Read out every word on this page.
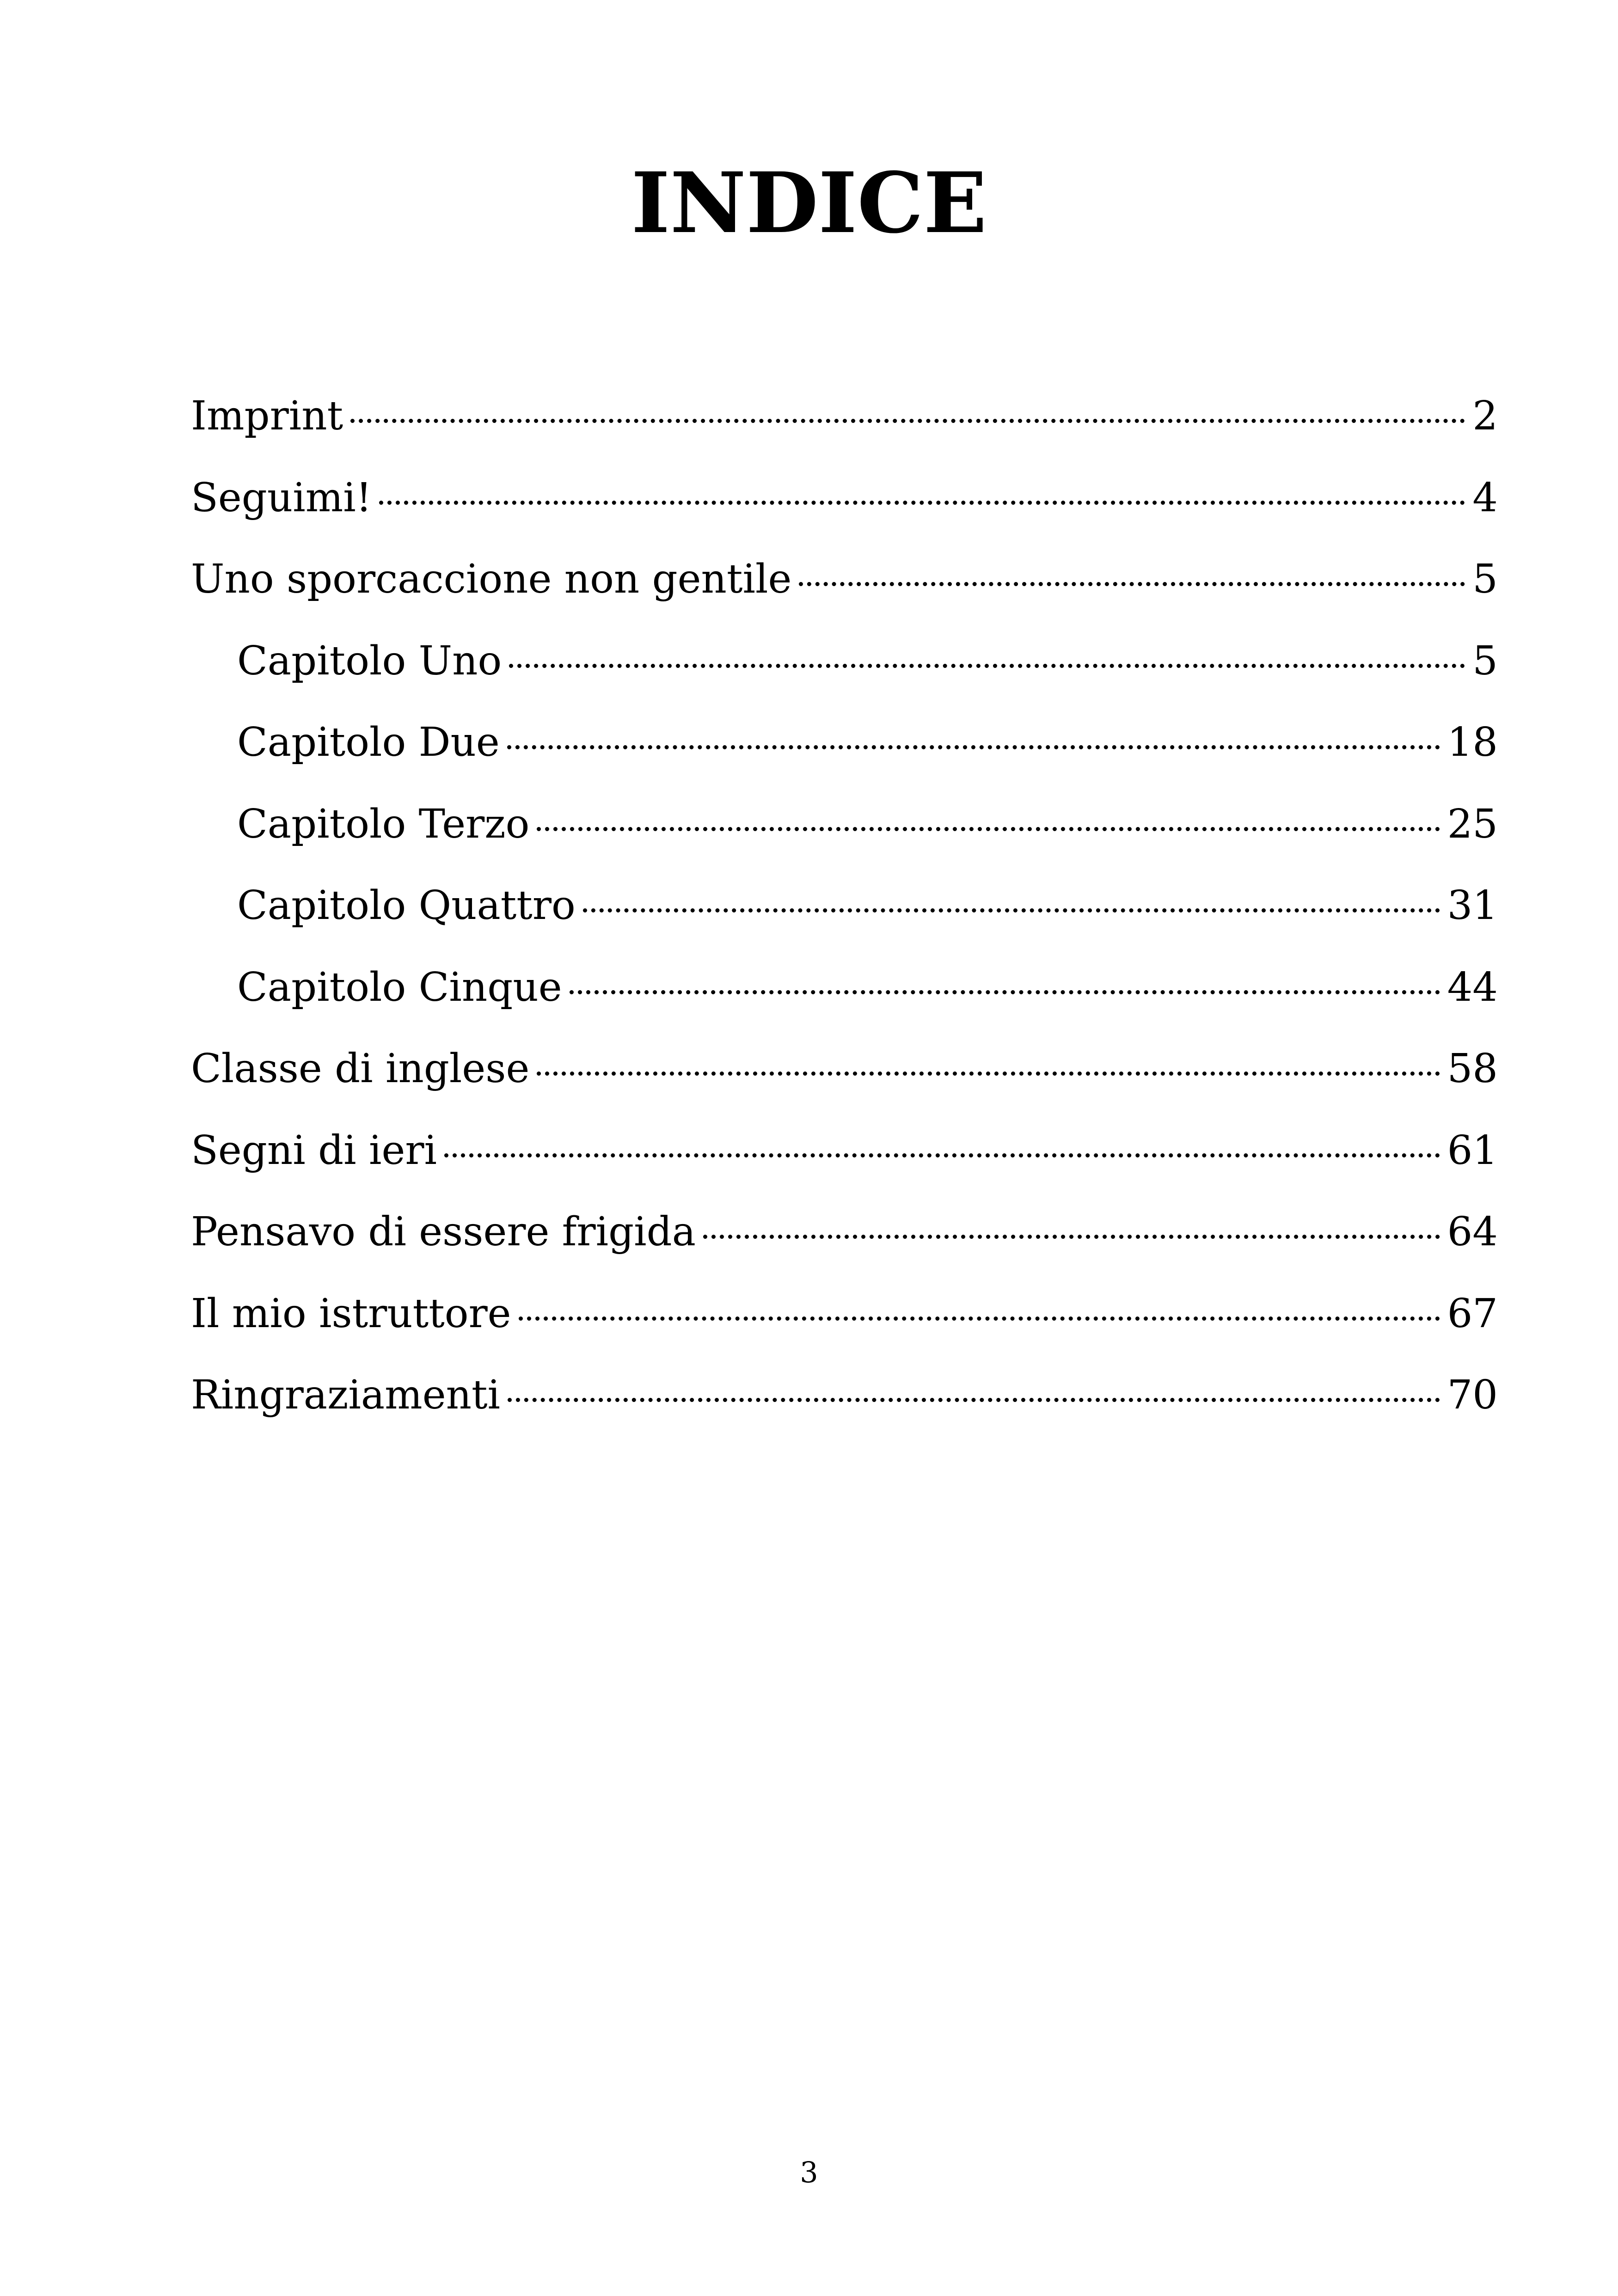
INDICE
Imprint	2
Seguimi!	4
Uno sporcaccione non gentile	5
Capitolo Uno	5
Capitolo Due	18
Capitolo Terzo	25
Capitolo Quattro	31
Capitolo Cinque	44
Classe di inglese	58
Segni di ieri	61
Pensavo di essere frigida	64
Il mio istruttore	67
Ringraziamenti	70
3
